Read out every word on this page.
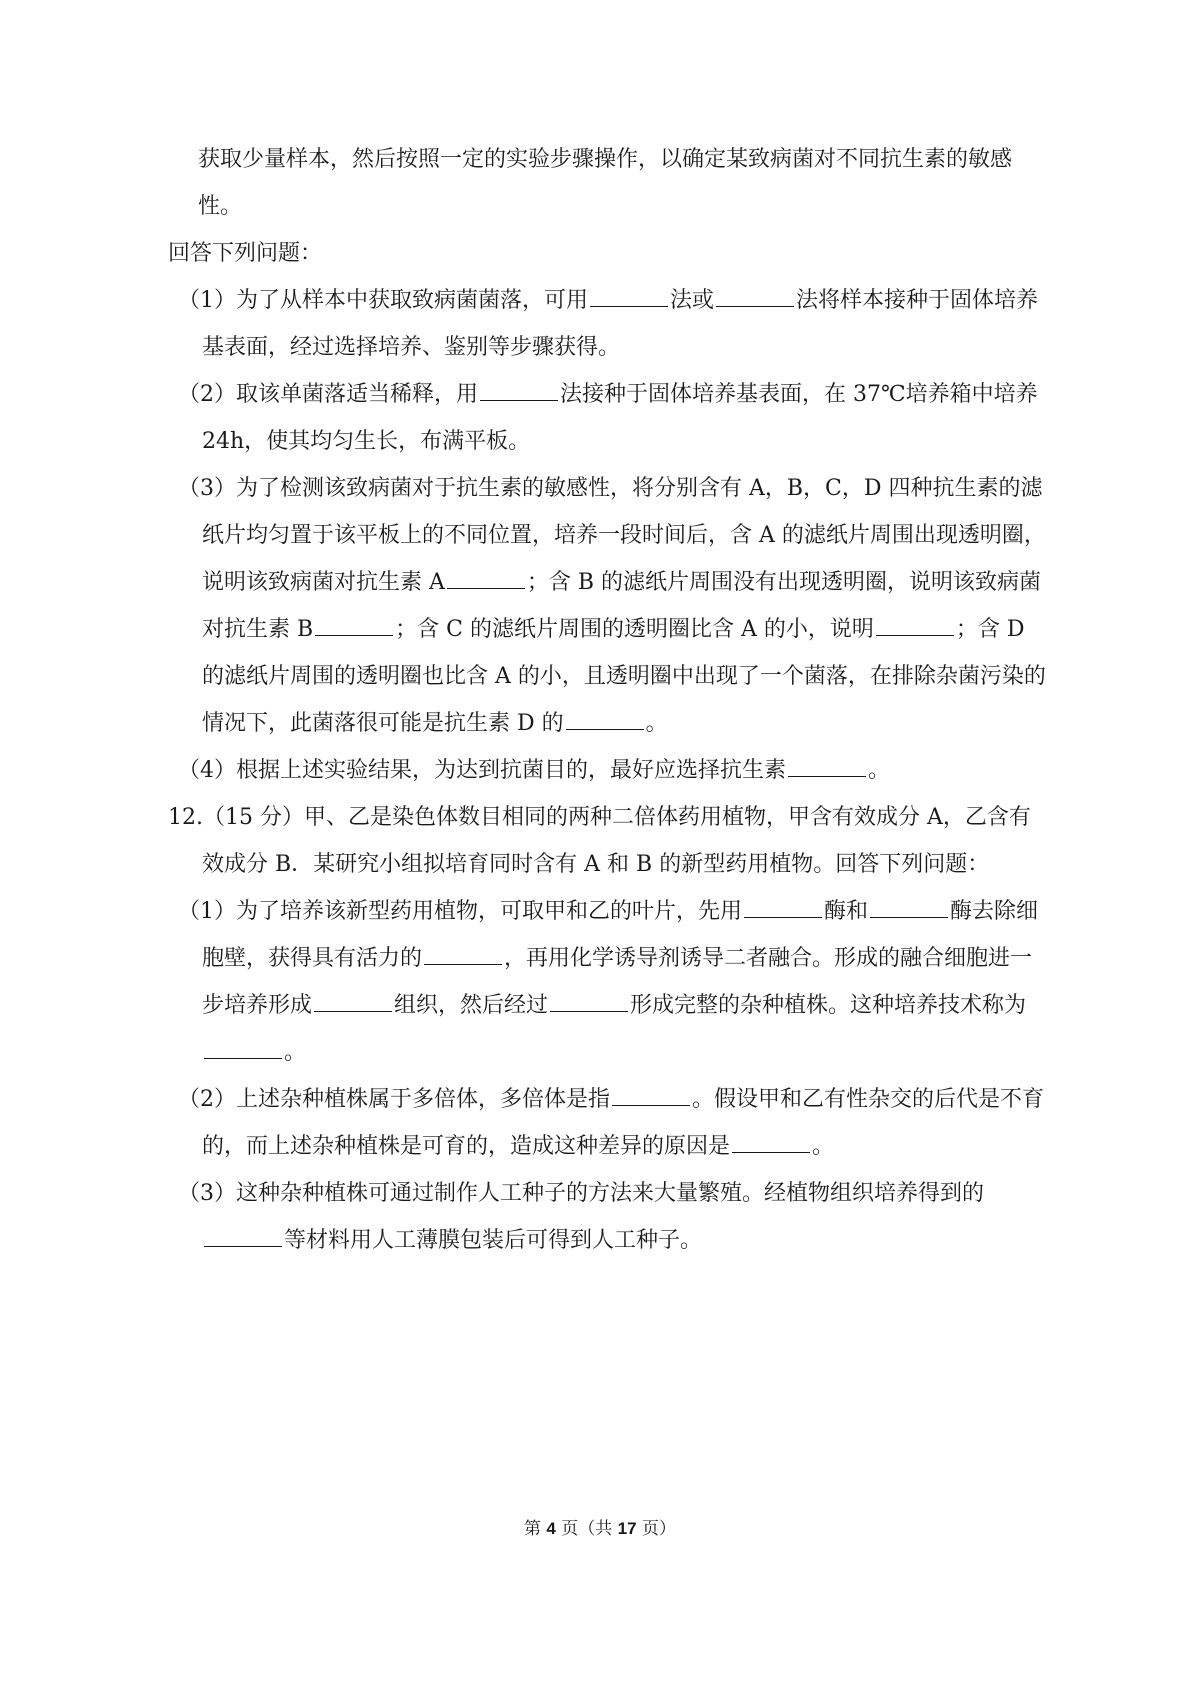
获取少量样本，然后按照一定的实验步骤操作，以确定某致病菌对不同抗生素的敏感性。

回答下列问题：

（1）为了从样本中获取致病菌菌落，可用	法或	法将样本接种于固体培养基表面，经过选择培养、鉴别等步骤获得。

（2）取该单菌落适当稀释，用	法接种于固体培养基表面，在 37℃培养箱中培养 24h，使其均匀生长，布满平板。

（3）为了检测该致病菌对于抗生素的敏感性，将分别含有 A，B，C，D 四种抗生素的滤纸片均匀置于该平板上的不同位置，培养一段时间后，含 A 的滤纸片周围出现透明圈，说明该致病菌对抗生素 A	；含 B 的滤纸片周围没有出现透明圈，说明该致病菌对抗生素 B	；含 C 的滤纸片周围的透明圈比含 A 的小，说明	；含 D 的滤纸片周围的透明圈也比含 A 的小，且透明圈中出现了一个菌落，在排除杂菌污染的情况下，此菌落很可能是抗生素 D 的	。

（4）根据上述实验结果，为达到抗菌目的，最好应选择抗生素	。

12.（15 分）甲、乙是染色体数目相同的两种二倍体药用植物，甲含有效成分 A，乙含有效成分 B．某研究小组拟培育同时含有 A 和 B 的新型药用植物。回答下列问题：

（1）为了培养该新型药用植物，可取甲和乙的叶片，先用	酶和	酶去除细胞壁，获得具有活力的	，再用化学诱导剂诱导二者融合。形成的融合细胞进一步培养形成	组织，然后经过	形成完整的杂种植株。这种培养技术称为。

（2）上述杂种植株属于多倍体，多倍体是指	。假设甲和乙有性杂交的后代是不育的，而上述杂种植株是可育的，造成这种差异的原因是	。

（3）这种杂种植株可通过制作人工种子的方法来大量繁殖。经植物组织培养得到的等材料用人工薄膜包装后可得到人工种子。

第 4 页（共 17 页）
